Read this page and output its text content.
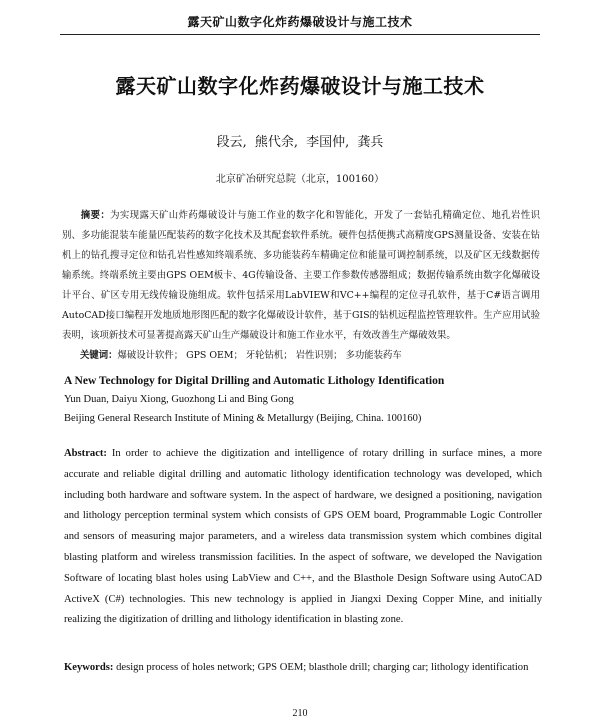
露天矿山数字化炸药爆破设计与施工技术
露天矿山数字化炸药爆破设计与施工技术
段云, 熊代余, 李国仲, 龚兵
北京矿冶研究总院（北京，100160）
摘要：为实现露天矿山炸药爆破设计与施工作业的数字化和智能化，开发了一套钻孔精确定位、地孔岩性识别、多功能混装车能量匹配装药的数字化技术及其配套软件系统。硬件包括便携式高精度GPS测量设备、安装在钻机上的钻孔搜寻定位和钻孔岩性感知终端系统、多功能装药车精确定位和能量可调控制系统，以及矿区无线数据传输系统。终端系统主要由GPS OEM板卡、4G传输设备、主要工作参数传感器组成；数据传输系统由数字化爆破设计平台、矿区专用无线传输设施组成。软件包括采用LabVIEW和VC++编程的定位寻孔软件，基于C#语言调用AutoCAD接口编程开发地质地形图匹配的数字化爆破设计软件，基于GIS的钻机远程监控管理软件。生产应用试验表明，该项新技术可显著提高露天矿山生产爆破设计和施工作业水平，有效改善生产爆破效果。
关键词：爆破设计软件； GPS OEM； 牙轮钻机； 岩性识别； 多功能装药车
A New Technology for Digital Drilling and Automatic Lithology Identification
Yun Duan, Daiyu Xiong, Guozhong Li and Bing Gong
Beijing General Research Institute of Mining & Metallurgy (Beijing, China. 100160)
Abstract: In order to achieve the digitization and intelligence of rotary drilling in surface mines, a more accurate and reliable digital drilling and automatic lithology identification technology was developed, which including both hardware and software system. In the aspect of hardware, we designed a positioning, navigation and lithology perception terminal system which consists of GPS OEM board, Programmable Logic Controller and sensors of measuring major parameters, and a wireless data transmission system which combines digital blasting platform and wireless transmission facilities. In the aspect of software, we developed the Navigation Software of locating blast holes using LabView and C++, and the Blasthole Design Software using AutoCAD ActiveX (C#) technologies. This new technology is applied in Jiangxi Dexing Copper Mine, and initially realizing the digitization of drilling and lithology identification in blasting zone.
Keywords: design process of holes network; GPS OEM; blasthole drill; charging car; lithology identification
210
